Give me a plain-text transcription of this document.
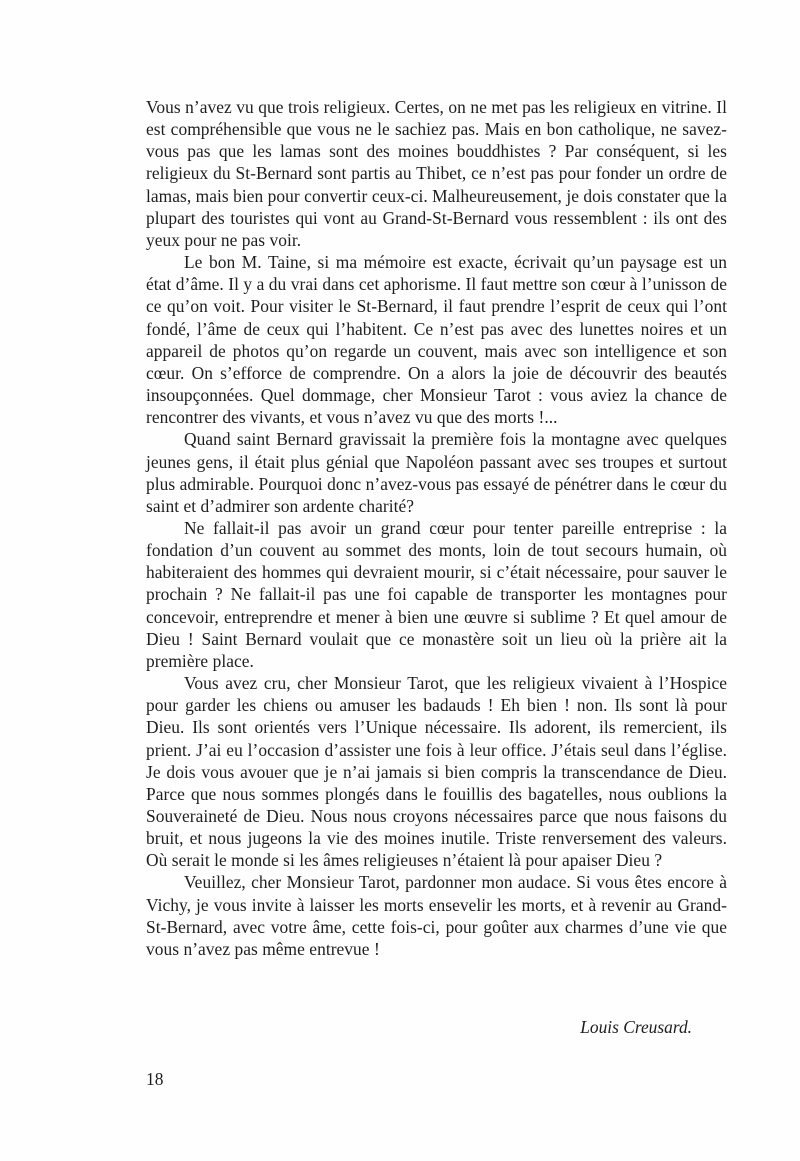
Vous n’avez vu que trois religieux. Certes, on ne met pas les religieux en vitrine. Il est compréhensible que vous ne le sachiez pas. Mais en bon catholique, ne savez-vous pas que les lamas sont des moines bouddhistes ? Par conséquent, si les religieux du St-Bernard sont partis au Thibet, ce n’est pas pour fonder un ordre de lamas, mais bien pour convertir ceux-ci. Malheureusement, je dois constater que la plupart des touristes qui vont au Grand-St-Bernard vous ressemblent : ils ont des yeux pour ne pas voir.

Le bon M. Taine, si ma mémoire est exacte, écrivait qu’un paysage est un état d’âme. Il y a du vrai dans cet aphorisme. Il faut mettre son cœur à l’unisson de ce qu’on voit. Pour visiter le St-Bernard, il faut prendre l’esprit de ceux qui l’ont fondé, l’âme de ceux qui l’habitent. Ce n’est pas avec des lunettes noires et un appareil de photos qu’on regarde un couvent, mais avec son intelligence et son cœur. On s’efforce de comprendre. On a alors la joie de découvrir des beautés insoupçonnées. Quel dommage, cher Monsieur Tarot : vous aviez la chance de rencontrer des vivants, et vous n’avez vu que des morts !...

Quand saint Bernard gravissait la première fois la montagne avec quelques jeunes gens, il était plus génial que Napoléon passant avec ses troupes et surtout plus admirable. Pourquoi donc n’avez-vous pas essayé de pénétrer dans le cœur du saint et d’admirer son ardente charité?

Ne fallait-il pas avoir un grand cœur pour tenter pareille entreprise : la fondation d’un couvent au sommet des monts, loin de tout secours humain, où habiteraient des hommes qui devraient mourir, si c’était nécessaire, pour sauver le prochain ? Ne fallait-il pas une foi capable de transporter les montagnes pour concevoir, entreprendre et mener à bien une œuvre si sublime ? Et quel amour de Dieu ! Saint Bernard voulait que ce monastère soit un lieu où la prière ait la première place.

Vous avez cru, cher Monsieur Tarot, que les religieux vivaient à l’Hospice pour garder les chiens ou amuser les badauds ! Eh bien ! non. Ils sont là pour Dieu. Ils sont orientés vers l’Unique nécessaire. Ils adorent, ils remercient, ils prient. J’ai eu l’occasion d’assister une fois à leur office. J’étais seul dans l’église. Je dois vous avouer que je n’ai jamais si bien compris la transcendance de Dieu. Parce que nous sommes plongés dans le fouillis des bagatelles, nous oublions la Souveraineté de Dieu. Nous nous croyons nécessaires parce que nous faisons du bruit, et nous jugeons la vie des moines inutile. Triste renversement des valeurs. Où serait le monde si les âmes religieuses n’étaient là pour apaiser Dieu ?

Veuillez, cher Monsieur Tarot, pardonner mon audace. Si vous êtes encore à Vichy, je vous invite à laisser les morts ensevelir les morts, et à revenir au Grand-St-Bernard, avec votre âme, cette fois-ci, pour goûter aux charmes d’une vie que vous n’avez pas même entrevue !

Louis Creusard.
18
